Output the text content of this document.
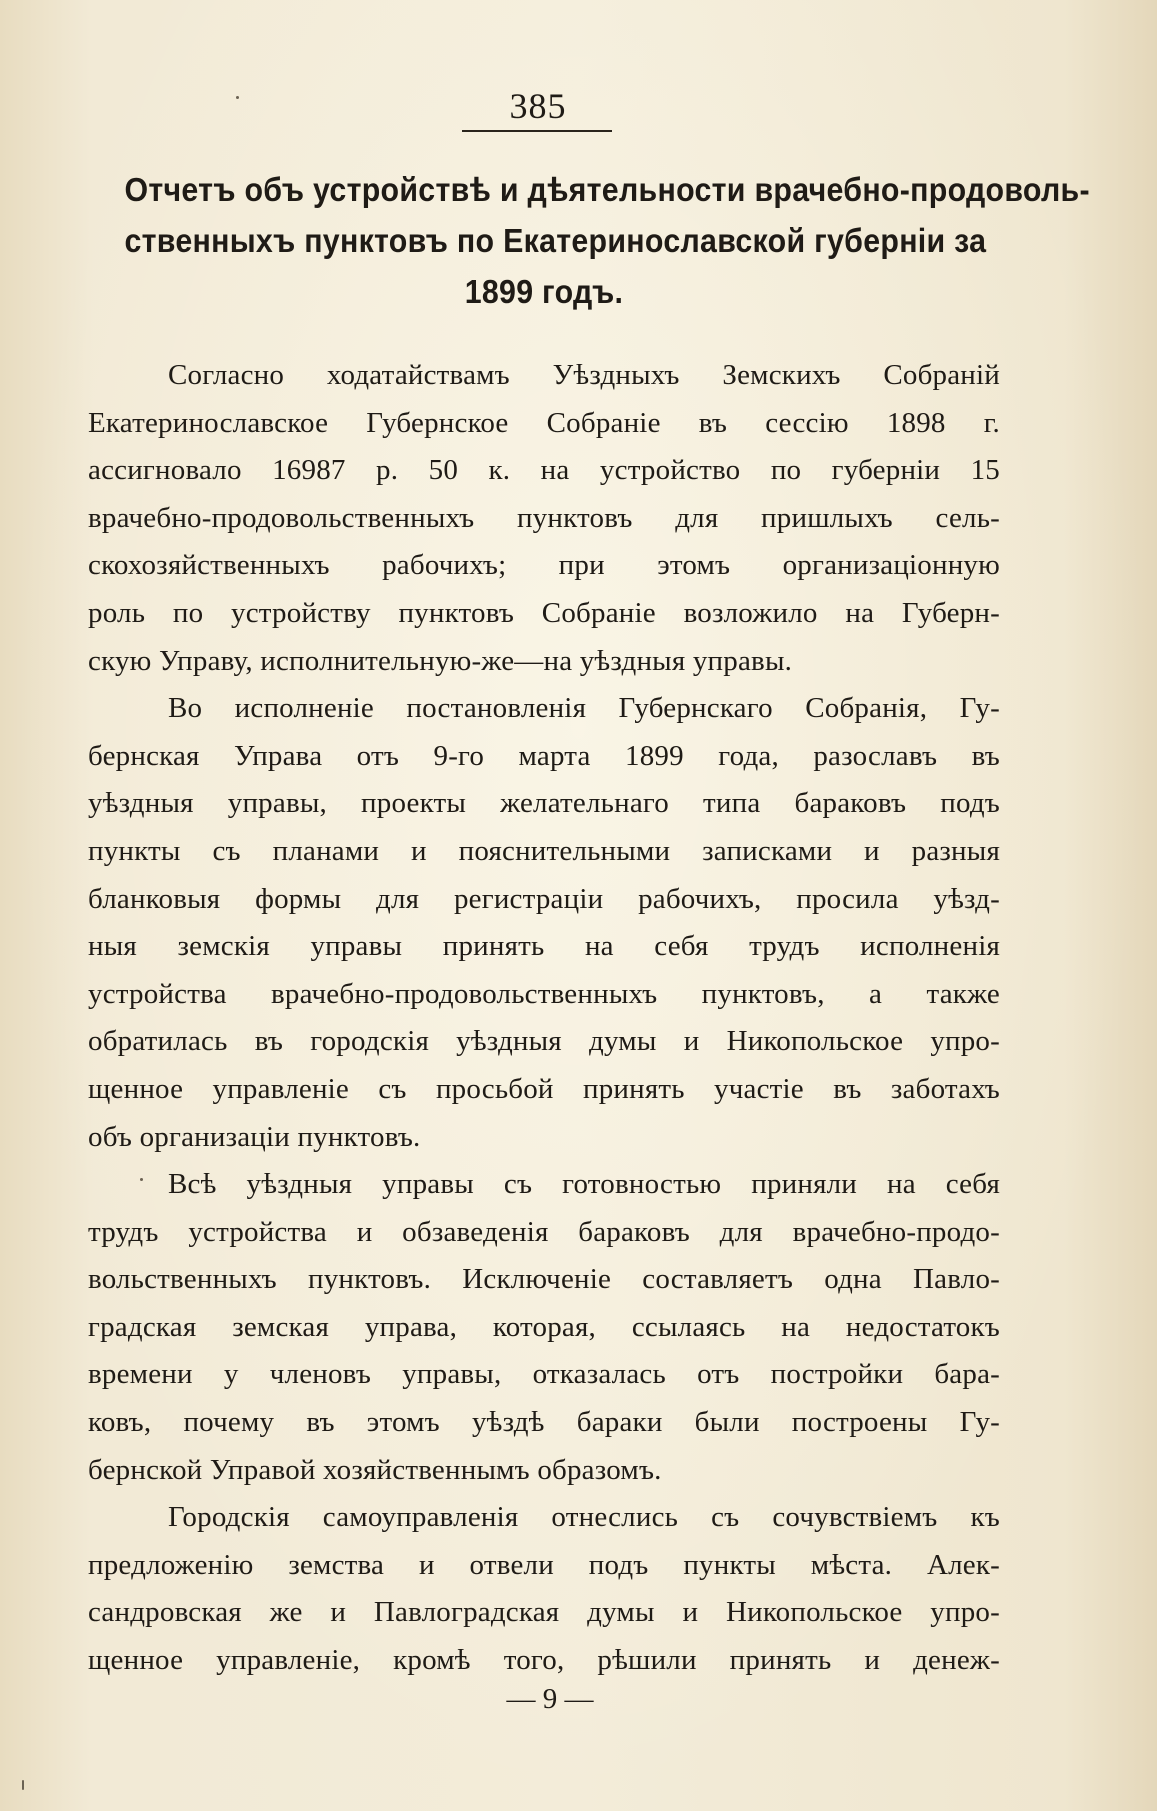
385
Отчетъ объ устройствѣ и дѣятельности врачебно-продоволь-
ственныхъ пунктовъ по Екатеринославской губерніи за
1899 годъ.
Согласно ходатайствамъ Уѣздныхъ Земскихъ Собраній
Екатеринославское Губернское Собраніе въ сессію 1898 г.
ассигновало 16987 р. 50 к. на устройство по губерніи 15
врачебно-продовольственныхъ пунктовъ для пришлыхъ сель-
скохозяйственныхъ рабочихъ; при этомъ организаціонную
роль по устройству пунктовъ Собраніе возложило на Губерн-
скую Управу, исполнительную-же—на уѣздныя управы.
Во исполненіе постановленія Губернскаго Собранія, Гу-
бернская Управа отъ 9-го марта 1899 года, разославъ въ
уѣздныя управы, проекты желательнаго типа бараковъ подъ
пункты съ планами и пояснительными записками и разныя
бланковыя формы для регистраціи рабочихъ, просила уѣзд-
ныя земскія управы принять на себя трудъ исполненія
устройства врачебно-продовольственныхъ пунктовъ, а также
обратилась въ городскія уѣздныя думы и Никопольское упро-
щенное управленіе съ просьбой принять участіе въ заботахъ
объ организаціи пунктовъ.
Всѣ уѣздныя управы съ готовностью приняли на себя
трудъ устройства и обзаведенія бараковъ для врачебно-продо-
вольственныхъ пунктовъ. Исключеніе составляетъ одна Павло-
градская земская управа, которая, ссылаясь на недостатокъ
времени у членовъ управы, отказалась отъ постройки бара-
ковъ, почему въ этомъ уѣздѣ бараки были построены Гу-
бернской Управой хозяйственнымъ образомъ.
Городскія самоуправленія отнеслись съ сочувствіемъ къ
предложенію земства и отвели подъ пункты мѣста. Алек-
сандровская же и Павлоградская думы и Никопольское упро-
щенное управленіе, кромѣ того, рѣшили принять и денеж-
— 9 —
